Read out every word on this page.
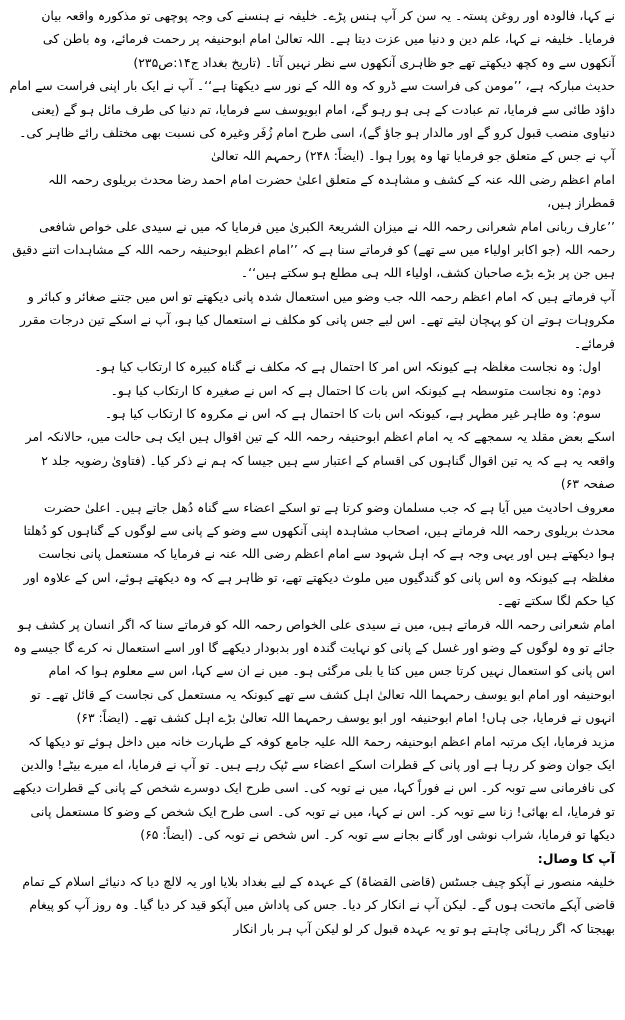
نے کہا، فالودہ اور روغن پستہ۔ یہ سن کر آپ ہنس پڑے۔ خلیفہ نے ہنسنے کی وجہ پوچھی تو مذکورہ واقعہ بیان فرمایا۔ خلیفہ نے کہا، علم دین و دنیا میں عزت دیتا ہے۔ اللہ تعالیٰ امام ابوحنیفہ پر رحمت فرمائے، وہ باطن کی آنکھوں سے وہ کچھ دیکھتے تھے جو ظاہری آنکھوں سے نظر نہیں آتا۔ (تاریخ بغداد ج۱۴:ص۲۳۵)

حدیث مبارکہ ہے، ’’مومن کی فراست سے ڈرو کہ وہ اللہ کے نور سے دیکھتا ہے‘‘۔ آپ نے ایک بار اپنی فراست سے امام داؤد طائی سے فرمایا، تم عبادت کے ہی ہو رہو گے، امام ابویوسف سے فرمایا، تم دنیا کی طرف مائل ہو گے (یعنی دنیاوی منصب قبول کرو گے اور مالدار ہو جاؤ گے)، اسی طرح امام زُفَر وغیرہ کی نسبت بھی مختلف رائے ظاہر کی۔ آپ نے جس کے متعلق جو فرمایا تھا وہ پورا ہوا۔ (ایضاً: ۲۴۸) رحمہم اللہ تعالیٰ

امام اعظم رضی اللہ عنہ کے کشف و مشاہدہ کے متعلق اعلیٰ حضرت امام احمد رضا محدث بریلوی رحمہ اللہ قمطراز ہیں،

’’عارف ربانی امام شعرانی رحمہ اللہ نے میزان الشریعۃ الکبریٰ میں فرمایا کہ میں نے سیدی علی خواص شافعی رحمہ اللہ (جو اکابر اولیاء میں سے تھے) کو فرماتے سنا ہے کہ ’’امام اعظم ابوحنیفہ رحمہ اللہ کے مشاہدات اتنے دقیق ہیں جن پر بڑے بڑے صاحبان کشف، اولیاء اللہ ہی مطلع ہو سکتے ہیں‘‘۔

آپ فرماتے ہیں کہ امام اعظم رحمہ اللہ جب وضو میں استعمال شدہ پانی دیکھتے تو اس میں جتنے صغائر و کبائر و مکروہات ہوتے ان کو پہچان لیتے تھے۔ اس لیے جس پانی کو مکلف نے استعمال کیا ہو، آپ نے اسکے تین درجات مقرر فرمائے۔

اول: وہ نجاست مغلظہ ہے کیونکہ اس امر کا احتمال ہے کہ مکلف نے گناہ کبیرہ کا ارتکاب کیا ہو۔

دوم: وہ نجاست متوسطہ ہے کیونکہ اس بات کا احتمال ہے کہ اس نے صغیرہ کا ارتکاب کیا ہو۔

سوم: وہ طاہر غیر مطہر ہے، کیونکہ اس بات کا احتمال ہے کہ اس نے مکروہ کا ارتکاب کیا ہو۔

اسکے بعض مقلد یہ سمجھے کہ یہ امام اعظم ابوحنیفہ رحمہ اللہ کے تین اقوال ہیں ایک ہی حالت میں، حالانکہ امر واقعہ یہ ہے کہ یہ تین اقوال گناہوں کی اقسام کے اعتبار سے ہیں جیسا کہ ہم نے ذکر کیا۔ (فتاویٰ رضویہ جلد ۲ صفحہ ۶۳)

معروف احادیث میں آیا ہے کہ جب مسلمان وضو کرتا ہے تو اسکے اعضاء سے گناہ دُھل جاتے ہیں۔ اعلیٰ حضرت محدث بریلوی رحمہ اللہ فرماتے ہیں، اصحاب مشاہدہ اپنی آنکھوں سے وضو کے پانی سے لوگوں کے گناہوں کو دُھلتا ہوا دیکھتے ہیں اور یہی وجہ ہے کہ اہل شہود سے امام اعظم رضی اللہ عنہ نے فرمایا کہ مستعمل پانی نجاست مغلظہ ہے کیونکہ وہ اس پانی کو گندگیوں میں ملوث دیکھتے تھے، تو ظاہر ہے کہ وہ دیکھتے ہوئے، اس کے علاوہ اور کیا حکم لگا سکتے تھے۔

امام شعرانی رحمہ اللہ فرماتے ہیں، میں نے سیدی علی الخواص رحمہ اللہ کو فرماتے سنا کہ اگر انسان پر کشف ہو جائے تو وہ لوگوں کے وضو اور غسل کے پانی کو نہایت گندہ اور بدبودار دیکھے گا اور اسے استعمال نہ کرے گا جیسے وہ اس پانی کو استعمال نہیں کرتا جس میں کتا یا بلی مرگئی ہو۔ میں نے ان سے کہا، اس سے معلوم ہوا کہ امام ابوحنیفہ اور امام ابو یوسف رحمہما اللہ تعالیٰ اہل کشف سے تھے کیونکہ یہ مستعمل کی نجاست کے قائل تھے۔ تو انہوں نے فرمایا، جی ہاں! امام ابوحنیفہ اور ابو یوسف رحمہما اللہ تعالیٰ بڑے اہل کشف تھے۔ (ایضاً: ۶۳)

مزید فرمایا، ایک مرتبہ امام اعظم ابوحنیفہ رحمۃ اللہ علیہ جامع کوفہ کے طہارت خانہ میں داخل ہوئے تو دیکھا کہ ایک جوان وضو کر رہا ہے اور پانی کے قطرات اسکے اعضاء سے ٹپک رہے ہیں۔ تو آپ نے فرمایا، اے میرے بیٹے! والدین کی نافرمانی سے توبہ کر۔ اس نے فوراً کہا، میں نے توبہ کی۔ اسی طرح ایک دوسرے شخص کے پانی کے قطرات دیکھے تو فرمایا، اے بھائی! زنا سے توبہ کر۔ اس نے کہا، میں نے توبہ کی۔ اسی طرح ایک شخص کے وضو کا مستعمل پانی دیکھا تو فرمایا، شراب نوشی اور گانے بجانے سے توبہ کر۔ اس شخص نے توبہ کی۔ (ایضاً: ۶۵)

آپ کا وصال:

خلیفہ منصور نے آپکو چیف جسٹس (قاضی القضاۃ) کے عہدہ کے لیے بغداد بلایا اور یہ لالچ دیا کہ دنیائے اسلام کے تمام قاضی آپکے ماتحت ہوں گے۔ لیکن آپ نے انکار کر دیا۔ جس کی پاداش میں آپکو قید کر دیا گیا۔ وہ روز آپ کو پیغام بھیجتا کہ اگر رہائی چاہتے ہو تو یہ عہدہ قبول کر لو لیکن آپ ہر بار انکار
